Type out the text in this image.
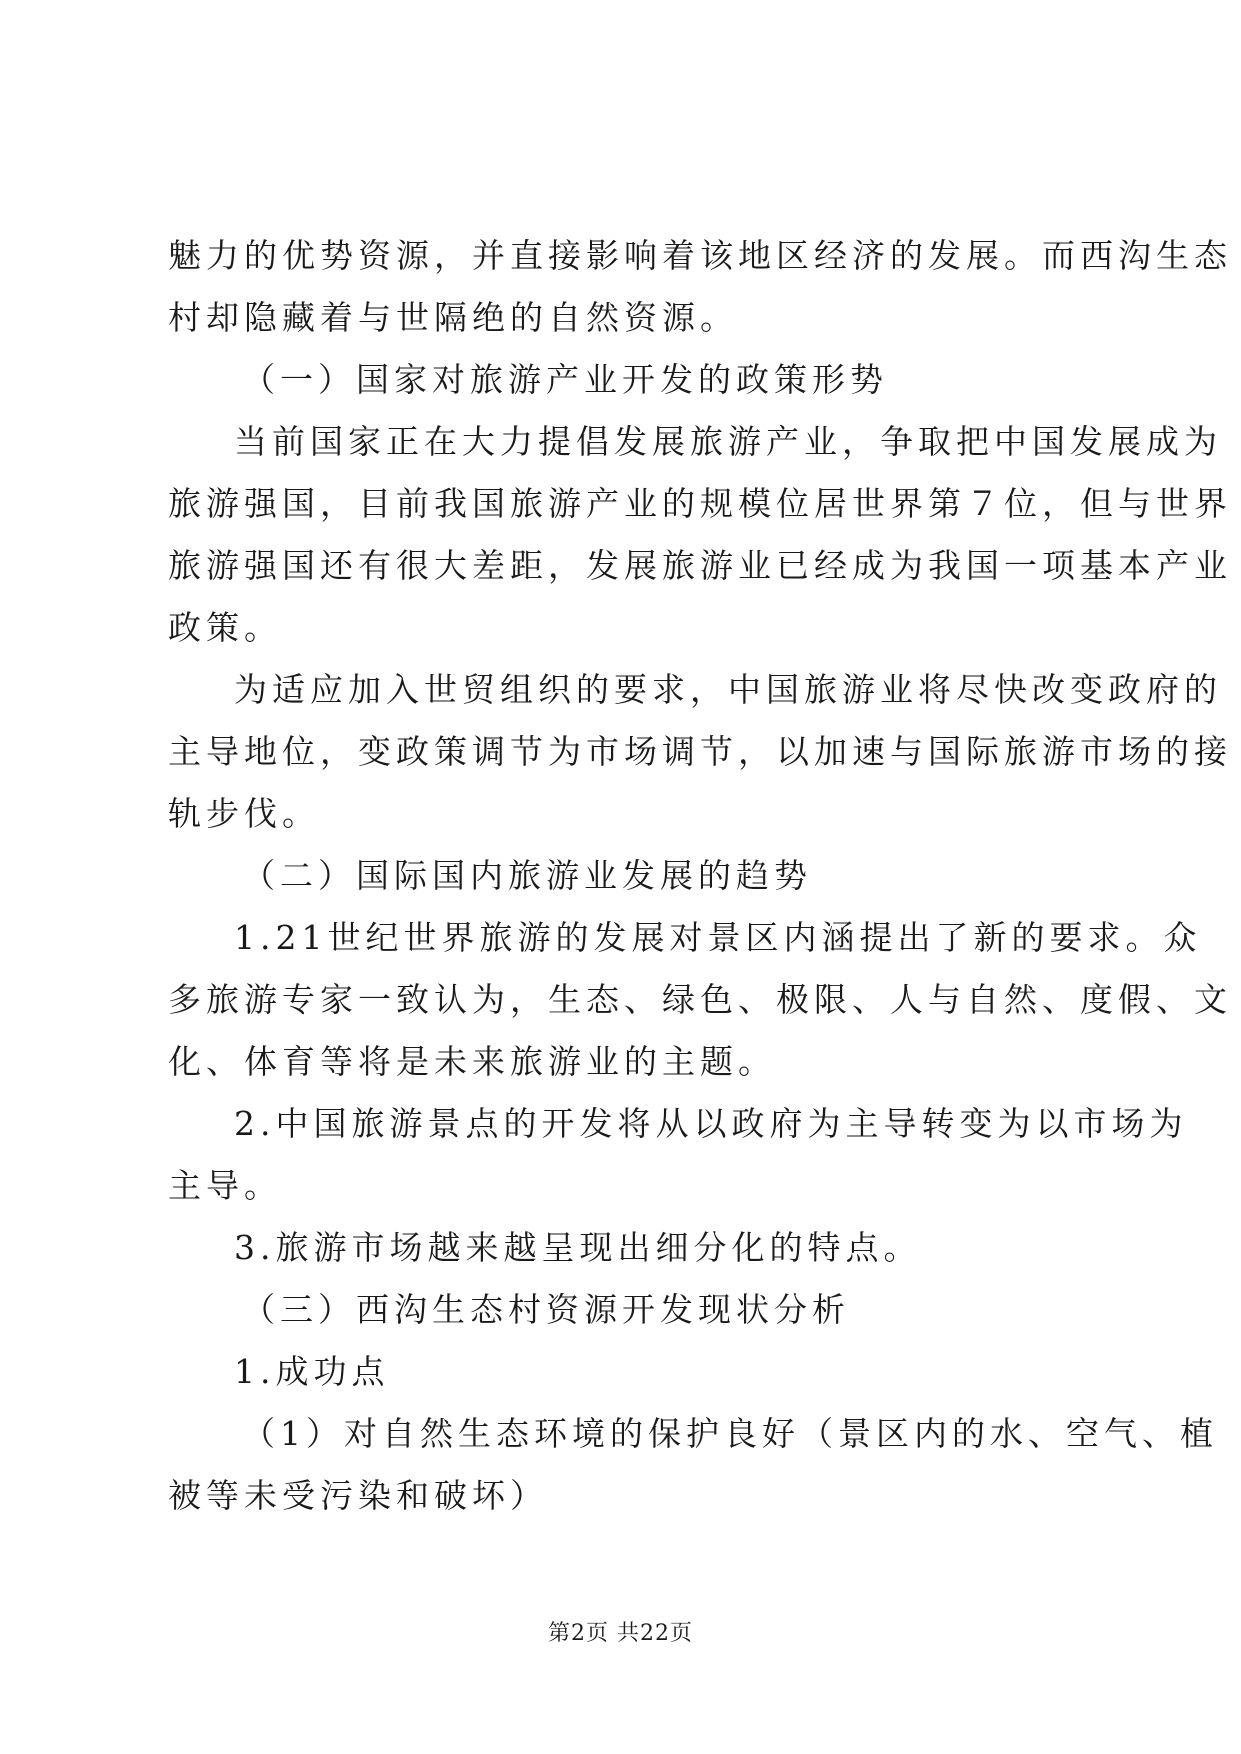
魅力的优势资源，并直接影响着该地区经济的发展。而西沟生态
村却隐藏着与世隔绝的自然资源。
（一）国家对旅游产业开发的政策形势
当前国家正在大力提倡发展旅游产业，争取把中国发展成为
旅游强国，目前我国旅游产业的规模位居世界第７位，但与世界
旅游强国还有很大差距，发展旅游业已经成为我国一项基本产业
政策。
为适应加入世贸组织的要求，中国旅游业将尽快改变政府的
主导地位，变政策调节为市场调节，以加速与国际旅游市场的接
轨步伐。
（二）国际国内旅游业发展的趋势
1.21世纪世界旅游的发展对景区内涵提出了新的要求。众
多旅游专家一致认为，生态、绿色、极限、人与自然、度假、文
化、体育等将是未来旅游业的主题。
2.中国旅游景点的开发将从以政府为主导转变为以市场为
主导。
3.旅游市场越来越呈现出细分化的特点。
（三）西沟生态村资源开发现状分析
1.成功点
（1）对自然生态环境的保护良好（景区内的水、空气、植
被等未受污染和破坏）
第2页 共22页
